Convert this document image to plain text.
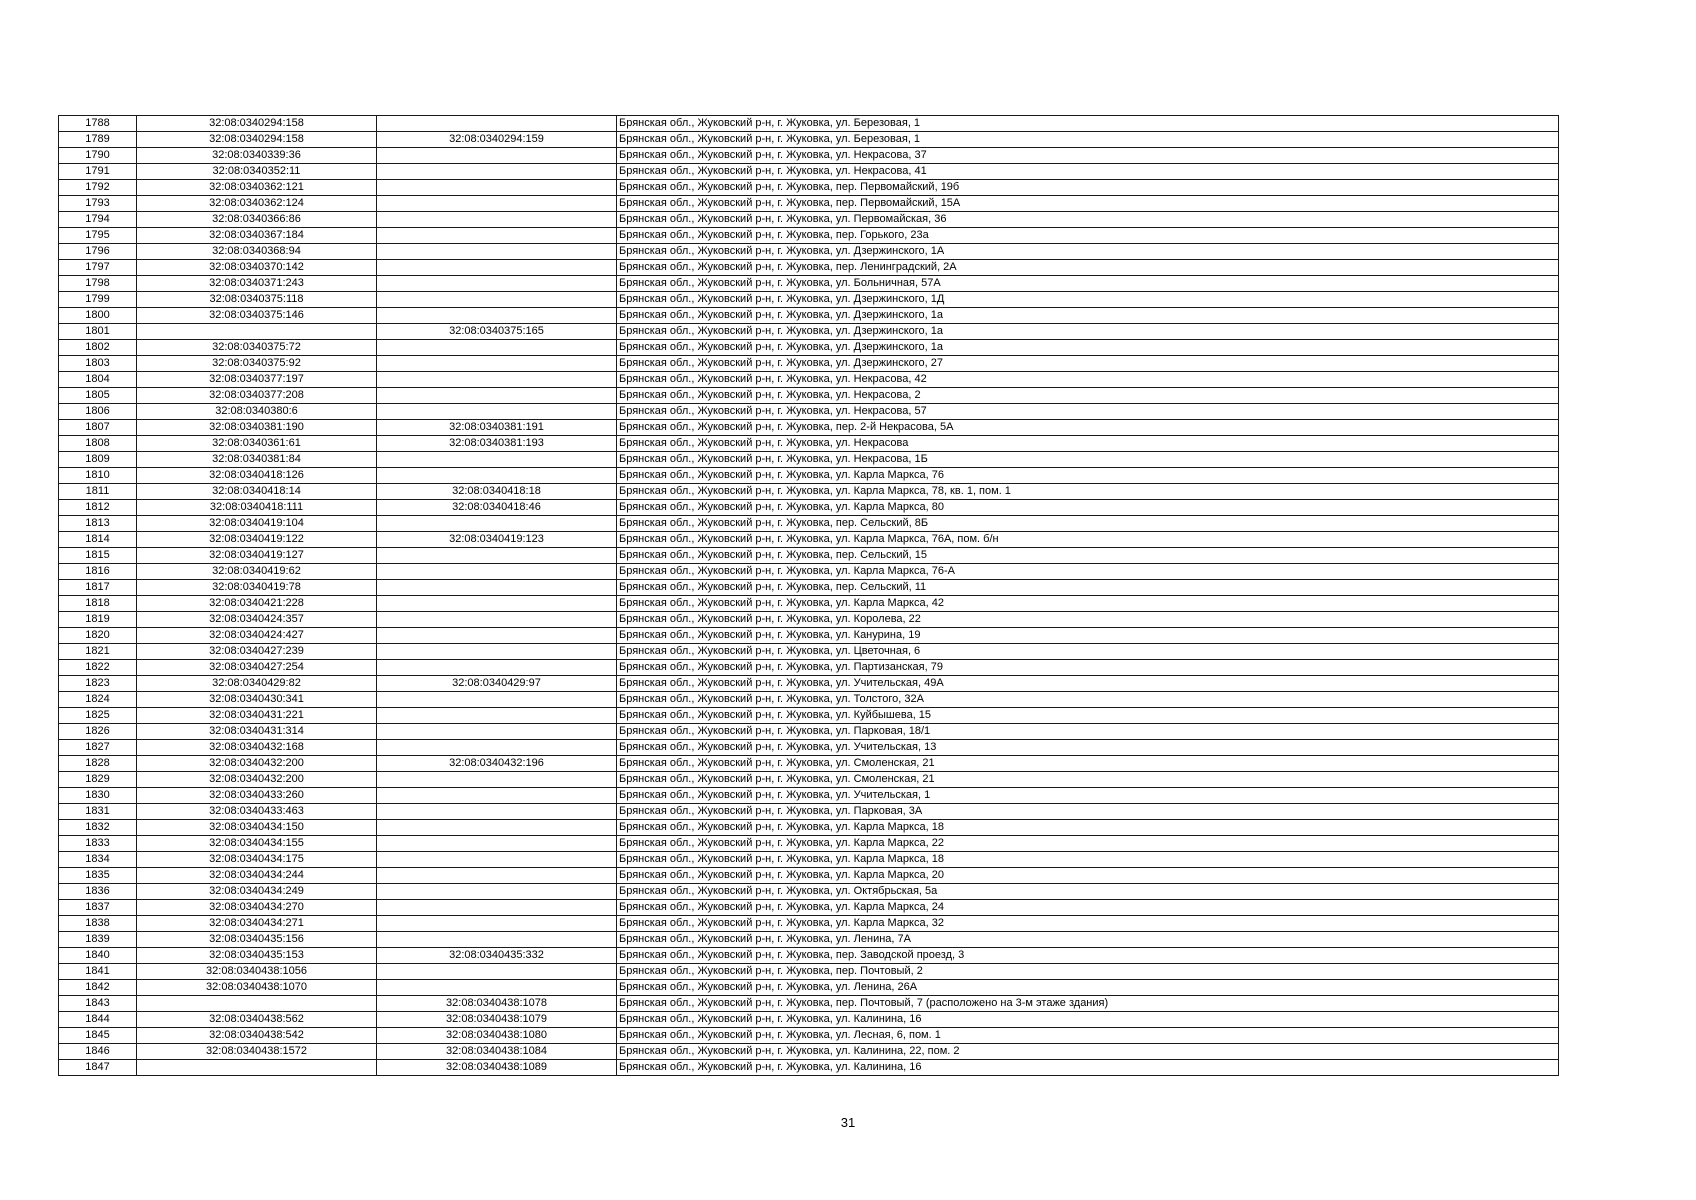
1788	32:08:0340294:158		Брянская обл., Жуковский р-н, г. Жуковка, ул. Березовая, 1
1789	32:08:0340294:158	32:08:0340294:159	Брянская обл., Жуковский р-н, г. Жуковка, ул. Березовая, 1
1790	32:08:0340339:36		Брянская обл., Жуковский р-н, г. Жуковка, ул. Некрасова, 37
1791	32:08:0340352:11		Брянская обл., Жуковский р-н, г. Жуковка, ул. Некрасова, 41
1792	32:08:0340362:121		Брянская обл., Жуковский р-н, г. Жуковка, пер. Первомайский, 19б
1793	32:08:0340362:124		Брянская обл., Жуковский р-н, г. Жуковка, пер. Первомайский, 15А
1794	32:08:0340366:86		Брянская обл., Жуковский р-н, г. Жуковка, ул. Первомайская, 36
1795	32:08:0340367:184		Брянская обл., Жуковский р-н, г. Жуковка, пер. Горького, 23а
1796	32:08:0340368:94		Брянская обл., Жуковский р-н, г. Жуковка, ул. Дзержинского, 1А
1797	32:08:0340370:142		Брянская обл., Жуковский р-н, г. Жуковка, пер. Ленинградский, 2А
1798	32:08:0340371:243		Брянская обл., Жуковский р-н, г. Жуковка, ул. Больничная, 57А
1799	32:08:0340375:118		Брянская обл., Жуковский р-н, г. Жуковка, ул. Дзержинского, 1Д
1800	32:08:0340375:146		Брянская обл., Жуковский р-н, г. Жуковка, ул. Дзержинского, 1а
1801		32:08:0340375:165	Брянская обл., Жуковский р-н, г. Жуковка, ул. Дзержинского, 1а
1802	32:08:0340375:72		Брянская обл., Жуковский р-н, г. Жуковка, ул. Дзержинского, 1а
1803	32:08:0340375:92		Брянская обл., Жуковский р-н, г. Жуковка, ул. Дзержинского, 27
1804	32:08:0340377:197		Брянская обл., Жуковский р-н, г. Жуковка, ул. Некрасова, 42
1805	32:08:0340377:208		Брянская обл., Жуковский р-н, г. Жуковка, ул. Некрасова, 2
1806	32:08:0340380:6		Брянская обл., Жуковский р-н, г. Жуковка, ул. Некрасова, 57
1807	32:08:0340381:190	32:08:0340381:191	Брянская обл., Жуковский р-н, г. Жуковка, пер. 2-й Некрасова, 5А
1808	32:08:0340361:61	32:08:0340381:193	Брянская обл., Жуковский р-н, г. Жуковка, ул. Некрасова
1809	32:08:0340381:84		Брянская обл., Жуковский р-н, г. Жуковка, ул. Некрасова, 1Б
1810	32:08:0340418:126		Брянская обл., Жуковский р-н, г. Жуковка, ул. Карла Маркса, 76
1811	32:08:0340418:14	32:08:0340418:18	Брянская обл., Жуковский р-н, г. Жуковка, ул. Карла Маркса, 78, кв. 1, пом. 1
1812	32:08:0340418:111	32:08:0340418:46	Брянская обл., Жуковский р-н, г. Жуковка, ул. Карла Маркса, 80
1813	32:08:0340419:104		Брянская обл., Жуковский р-н, г. Жуковка, пер. Сельский, 8Б
1814	32:08:0340419:122	32:08:0340419:123	Брянская обл., Жуковский р-н, г. Жуковка, ул. Карла Маркса, 76А, пом. б/н
1815	32:08:0340419:127		Брянская обл., Жуковский р-н, г. Жуковка, пер. Сельский, 15
1816	32:08:0340419:62		Брянская обл., Жуковский р-н, г. Жуковка, ул. Карла Маркса, 76-А
1817	32:08:0340419:78		Брянская обл., Жуковский р-н, г. Жуковка, пер. Сельский, 11
1818	32:08:0340421:228		Брянская обл., Жуковский р-н, г. Жуковка, ул. Карла Маркса, 42
1819	32:08:0340424:357		Брянская обл., Жуковский р-н, г. Жуковка, ул. Королева, 22
1820	32:08:0340424:427		Брянская обл., Жуковский р-н, г. Жуковка, ул. Канурина, 19
1821	32:08:0340427:239		Брянская обл., Жуковский р-н, г. Жуковка, ул. Цветочная, 6
1822	32:08:0340427:254		Брянская обл., Жуковский р-н, г. Жуковка, ул. Партизанская, 79
1823	32:08:0340429:82	32:08:0340429:97	Брянская обл., Жуковский р-н, г. Жуковка, ул. Учительская, 49А
1824	32:08:0340430:341		Брянская обл., Жуковский р-н, г. Жуковка, ул. Толстого, 32А
1825	32:08:0340431:221		Брянская обл., Жуковский р-н, г. Жуковка, ул. Куйбышева, 15
1826	32:08:0340431:314		Брянская обл., Жуковский р-н, г. Жуковка, ул. Парковая, 18/1
1827	32:08:0340432:168		Брянская обл., Жуковский р-н, г. Жуковка, ул. Учительская, 13
1828	32:08:0340432:200	32:08:0340432:196	Брянская обл., Жуковский р-н, г. Жуковка, ул. Смоленская, 21
1829	32:08:0340432:200		Брянская обл., Жуковский р-н, г. Жуковка, ул. Смоленская, 21
1830	32:08:0340433:260		Брянская обл., Жуковский р-н, г. Жуковка, ул. Учительская, 1
1831	32:08:0340433:463		Брянская обл., Жуковский р-н, г. Жуковка, ул. Парковая, 3А
1832	32:08:0340434:150		Брянская обл., Жуковский р-н, г. Жуковка, ул. Карла Маркса, 18
1833	32:08:0340434:155		Брянская обл., Жуковский р-н, г. Жуковка, ул. Карла Маркса, 22
1834	32:08:0340434:175		Брянская обл., Жуковский р-н, г. Жуковка, ул. Карла Маркса, 18
1835	32:08:0340434:244		Брянская обл., Жуковский р-н, г. Жуковка, ул. Карла Маркса, 20
1836	32:08:0340434:249		Брянская обл., Жуковский р-н, г. Жуковка, ул. Октябрьская, 5а
1837	32:08:0340434:270		Брянская обл., Жуковский р-н, г. Жуковка, ул. Карла Маркса, 24
1838	32:08:0340434:271		Брянская обл., Жуковский р-н, г. Жуковка, ул. Карла Маркса, 32
1839	32:08:0340435:156		Брянская обл., Жуковский р-н, г. Жуковка, ул. Ленина, 7А
1840	32:08:0340435:153	32:08:0340435:332	Брянская обл., Жуковский р-н, г. Жуковка, пер. Заводской проезд, 3
1841	32:08:0340438:1056		Брянская обл., Жуковский р-н, г. Жуковка, пер. Почтовый, 2
1842	32:08:0340438:1070		Брянская обл., Жуковский р-н, г. Жуковка, ул. Ленина, 26А
1843		32:08:0340438:1078	Брянская обл., Жуковский р-н, г. Жуковка, пер. Почтовый, 7 (расположено на 3-м этаже здания)
1844	32:08:0340438:562	32:08:0340438:1079	Брянская обл., Жуковский р-н, г. Жуковка, ул. Калинина, 16
1845	32:08:0340438:542	32:08:0340438:1080	Брянская обл., Жуковский р-н, г. Жуковка, ул. Лесная, 6, пом. 1
1846	32:08:0340438:1572	32:08:0340438:1084	Брянская обл., Жуковский р-н, г. Жуковка, ул. Калинина, 22, пом. 2
1847		32:08:0340438:1089	Брянская обл., Жуковский р-н, г. Жуковка, ул. Калинина, 16
31
